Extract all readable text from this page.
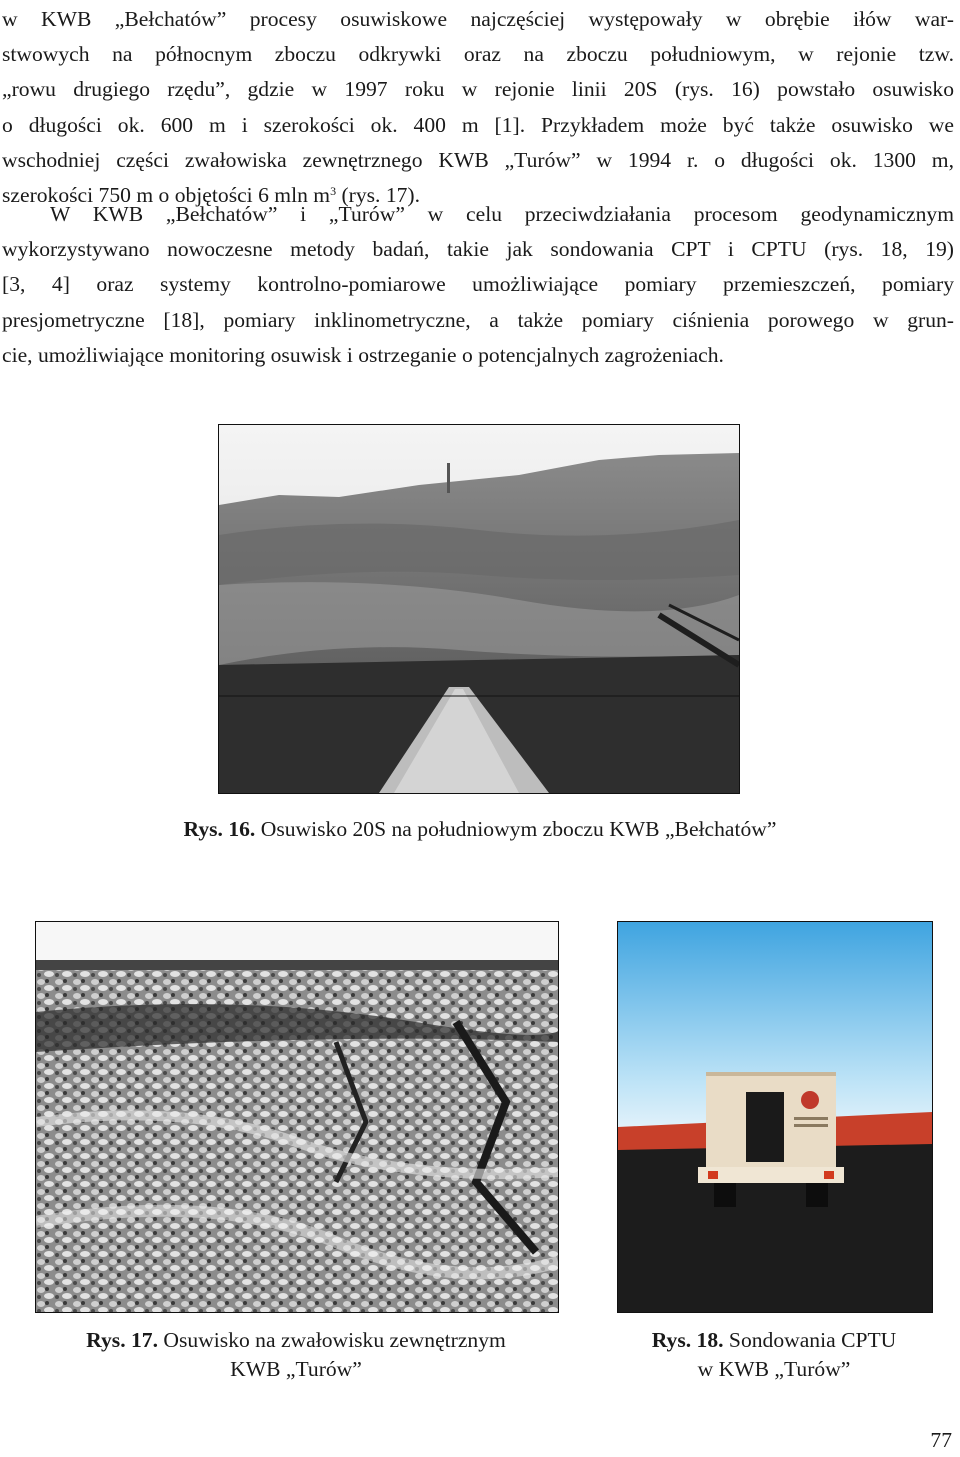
w KWB „Bełchatów” procesy osuwiskowe najczęściej występowały w obrębie iłów war-
stwowych na północnym zboczu odkrywki oraz na zboczu południowym, w rejonie tzw.
„rowu drugiego rzędu”, gdzie w 1997 roku w rejonie linii 20S (rys. 16) powstało osuwisko
o długości ok. 600 m i szerokości ok. 400 m [1]. Przykładem może być także osuwisko we
wschodniej części zwałowiska zewnętrznego KWB „Turów” w 1994 r. o długości ok. 1300 m,
szerokości 750 m o objętości 6 mln $m^3$ (rys. 17).
W KWB „Bełchatów” i „Turów” w celu przeciwdziałania procesom geodynamicznym
wykorzystywano nowoczesne metody badań, takie jak sondowania CPT i CPTU (rys. 18, 19)
[3, 4] oraz systemy kontrolno-pomiarowe umożliwiające pomiary przemieszczeń, pomiary
presjometryczne [18], pomiary inklinometryczne, a także pomiary ciśnienia porowego w grun-
cie, umożliwiające monitoring osuwisk i ostrzeganie o potencjalnych zagrożeniach.

Rys. 16. Osuwisko 20S na południowym zboczu KWB „Bełchatów”

Rys. 17. Osuwisko na zwałowisku zewnętrznym
KWB „Turów”

Rys. 18. Sondowania CPTU
w KWB „Turów”

77
